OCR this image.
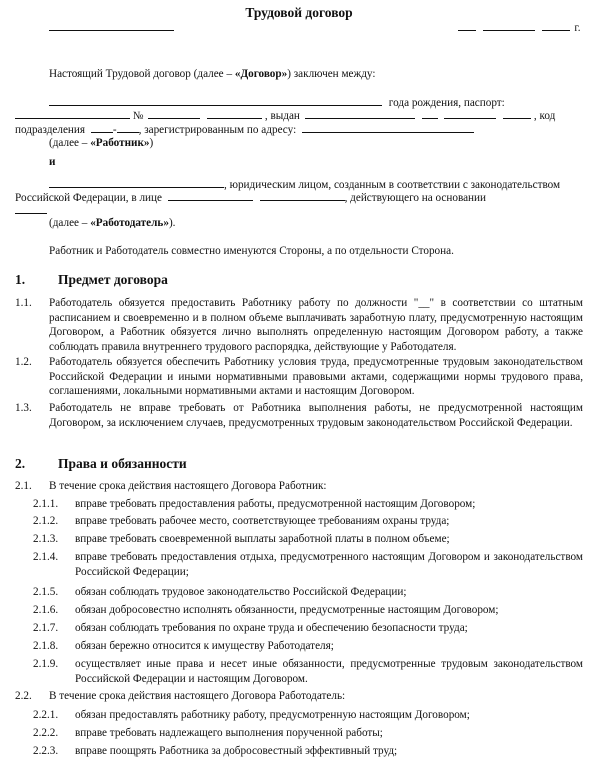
Трудовой договор
г.
Настоящий Трудовой договор (далее – «Договор») заключен между:
года рождения, паспорт:
№	, выдан	, код
подразделения - , зарегистрированным по адресу:
(далее – «Работник»)
и
, юридическим лицом, созданным в соответствии с законодательством
Российской Федерации, в лице	, действующего на основании
(далее – «Работодатель»).
Работник и Работодатель совместно именуются Стороны, а по отдельности Сторона.
1. Предмет договора
1.1. Работодатель обязуется предоставить Работнику работу по должности "__" в соответствии со штатным расписанием и своевременно и в полном объеме выплачивать заработную плату, предусмотренную настоящим Договором, а Работник обязуется лично выполнять определенную настоящим Договором работу, а также соблюдать правила внутреннего трудового распорядка, действующие у Работодателя.
1.2. Работодатель обязуется обеспечить Работнику условия труда, предусмотренные трудовым законодательством Российской Федерации и иными нормативными правовыми актами, содержащими нормы трудового права, соглашениями, локальными нормативными актами и настоящим Договором.
1.3. Работодатель не вправе требовать от Работника выполнения работы, не предусмотренной настоящим Договором, за исключением случаев, предусмотренных трудовым законодательством Российской Федерации.
2. Права и обязанности
2.1. В течение срока действия настоящего Договора Работник:
2.1.1. вправе требовать предоставления работы, предусмотренной настоящим Договором;
2.1.2. вправе требовать рабочее место, соответствующее требованиям охраны труда;
2.1.3. вправе требовать своевременной выплаты заработной платы в полном объеме;
2.1.4. вправе требовать предоставления отдыха, предусмотренного настоящим Договором и законодательством Российской Федерации;
2.1.5. обязан соблюдать трудовое законодательство Российской Федерации;
2.1.6. обязан добросовестно исполнять обязанности, предусмотренные настоящим Договором;
2.1.7. обязан соблюдать требования по охране труда и обеспечению безопасности труда;
2.1.8. обязан бережно относится к имуществу Работодателя;
2.1.9. осуществляет иные права и несет иные обязанности, предусмотренные трудовым законодательством Российской Федерации и настоящим Договором.
2.2. В течение срока действия настоящего Договора Работодатель:
2.2.1. обязан предоставлять работнику работу, предусмотренную настоящим Договором;
2.2.2. вправе требовать надлежащего выполнения порученной работы;
2.2.3. вправе поощрять Работника за добросовестный эффективный труд;
